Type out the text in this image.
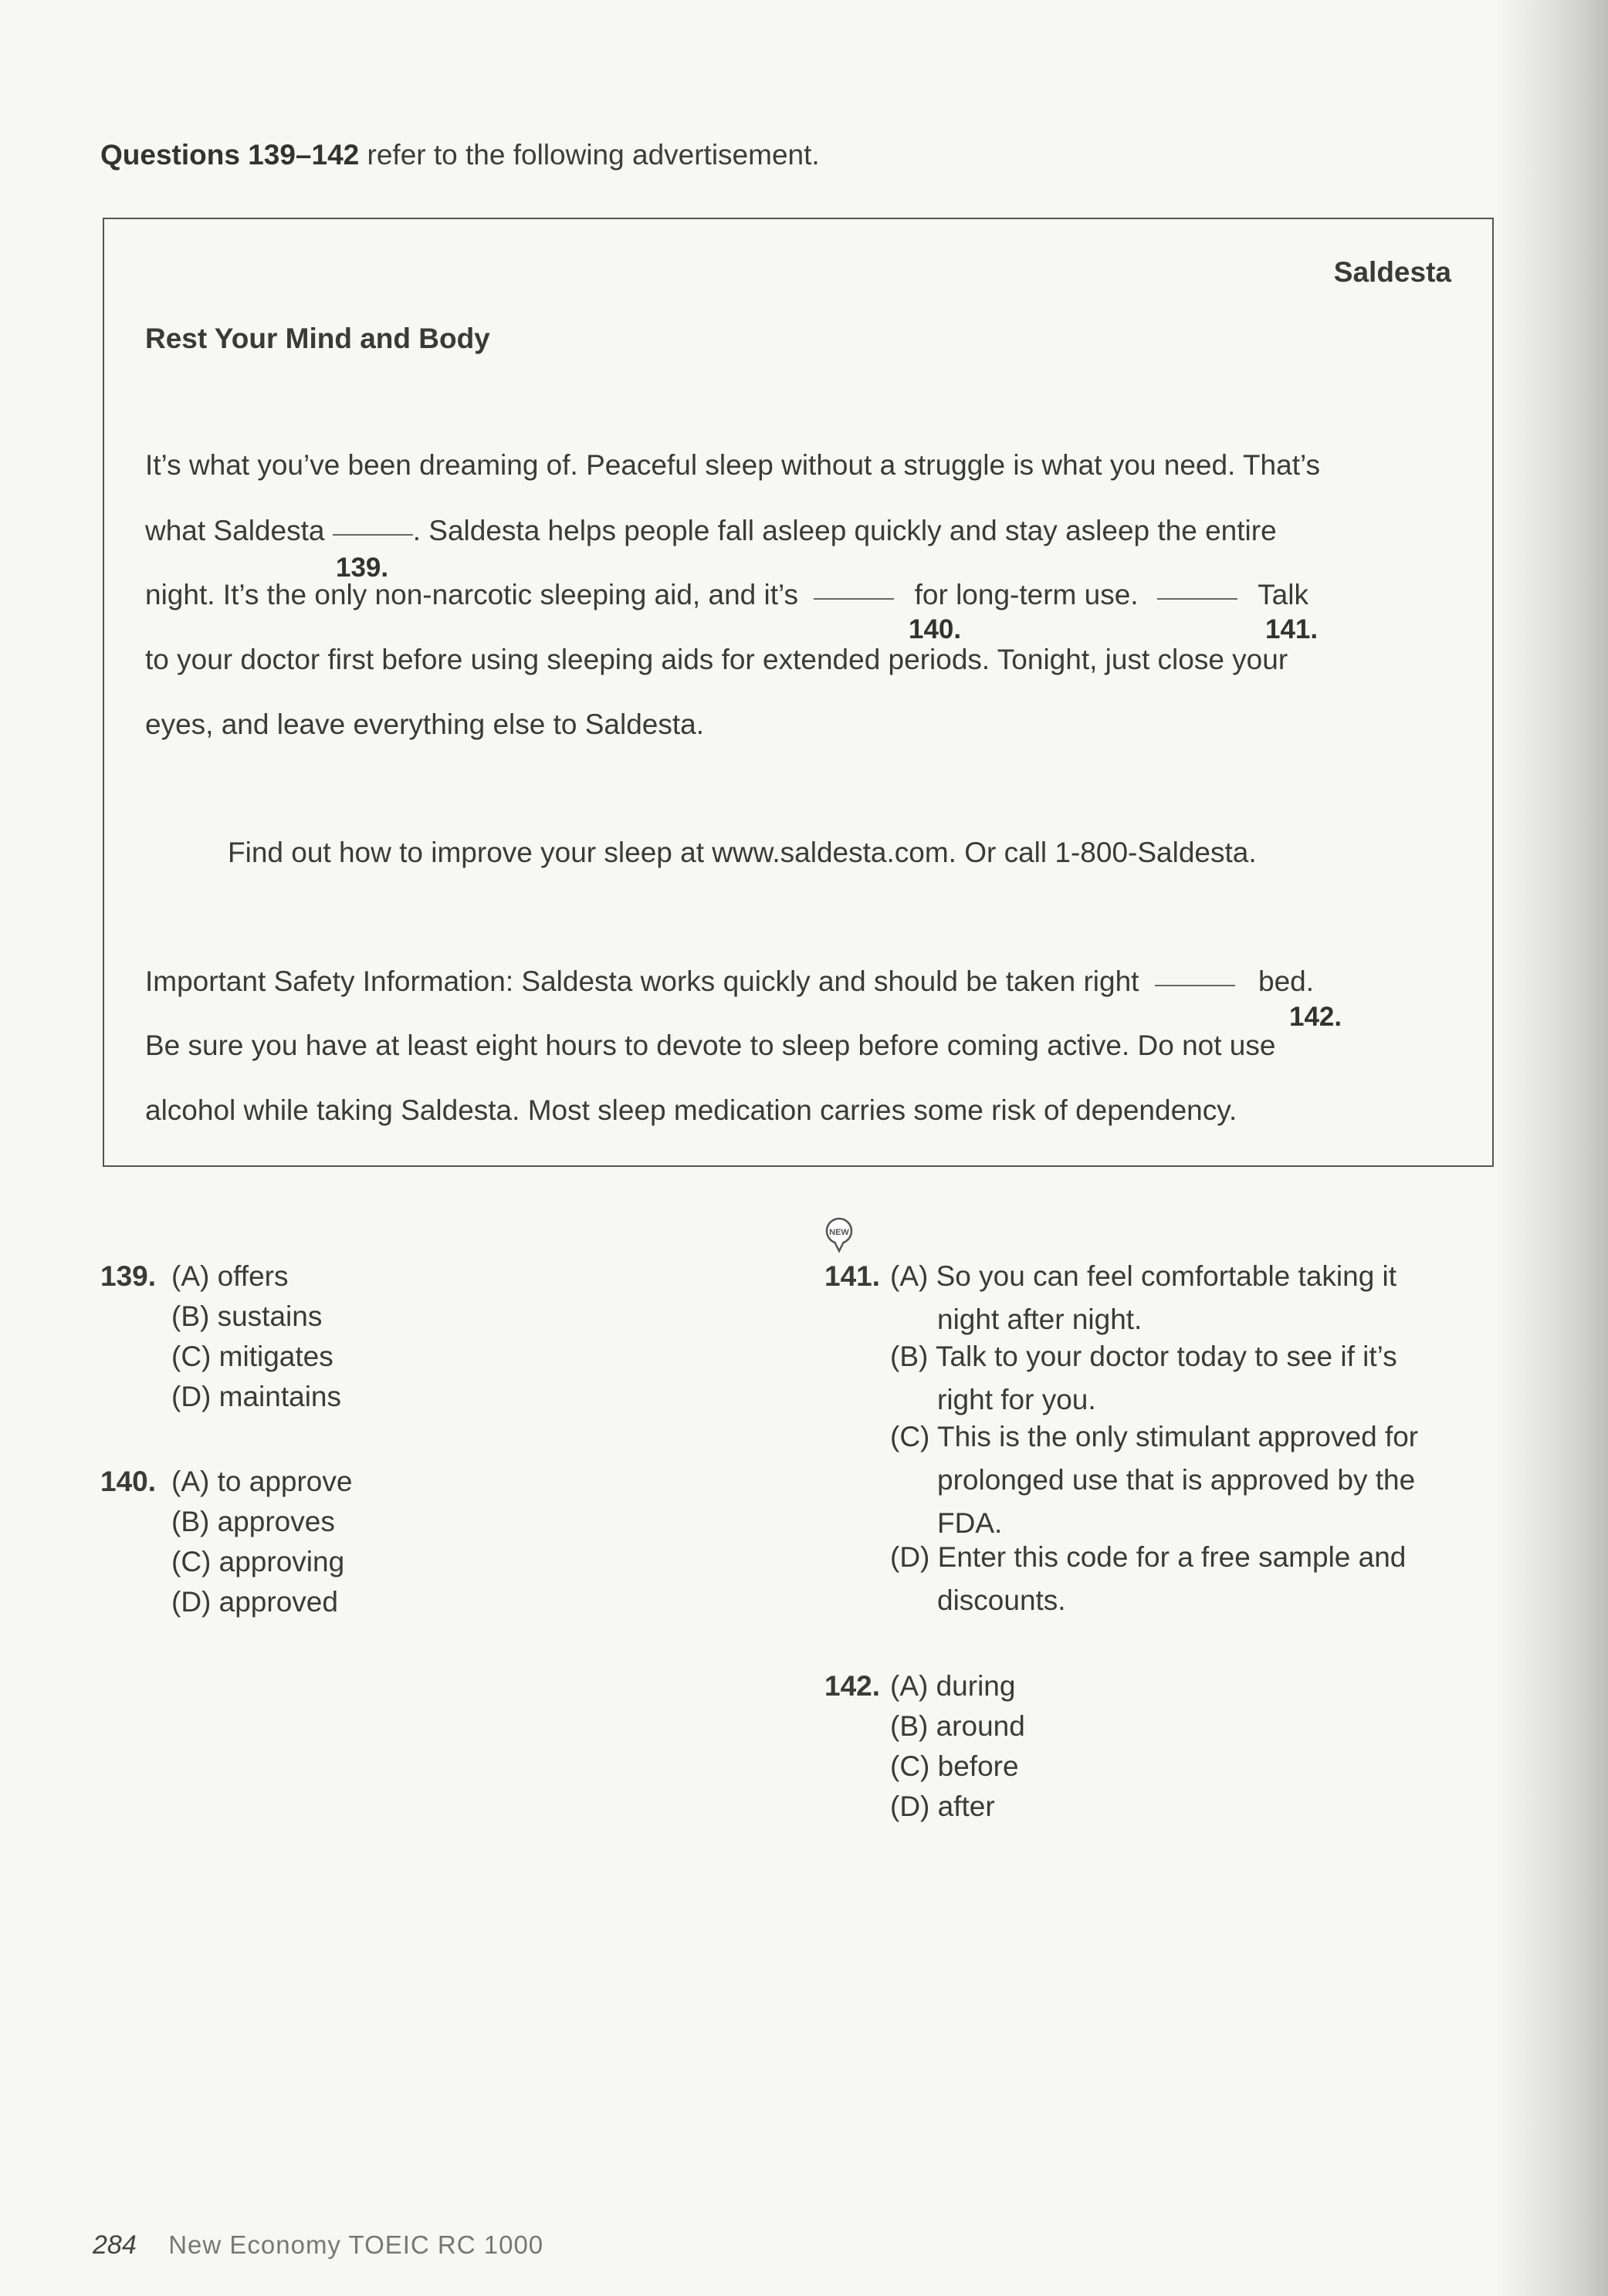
Questions 139–142 refer to the following advertisement.
Saldesta
Rest Your Mind and Body
It’s what you’ve been dreaming of. Peaceful sleep without a struggle is what you need. That’s
what Saldesta	. Saldesta helps people fall asleep quickly and stay asleep the entire
139.
night. It’s the only non-narcotic sleeping aid, and it’s	for long-term use.	Talk
140.	141.
to your doctor first before using sleeping aids for extended periods. Tonight, just close your
eyes, and leave everything else to Saldesta.
Find out how to improve your sleep at www.saldesta.com. Or call 1-800-Saldesta.
Important Safety Information: Saldesta works quickly and should be taken right	bed.
142.
Be sure you have at least eight hours to devote to sleep before coming active. Do not use
alcohol while taking Saldesta. Most sleep medication carries some risk of dependency.
139. (A) offers
(B) sustains
(C) mitigates
(D) maintains
140. (A) to approve
(B) approves
(C) approving
(D) approved
NEW
141. (A) So you can feel comfortable taking it
night after night.
(B) Talk to your doctor today to see if it’s
right for you.
(C) This is the only stimulant approved for
prolonged use that is approved by the
FDA.
(D) Enter this code for a free sample and
discounts.
142. (A) during
(B) around
(C) before
(D) after
284 New Economy TOEIC RC 1000
